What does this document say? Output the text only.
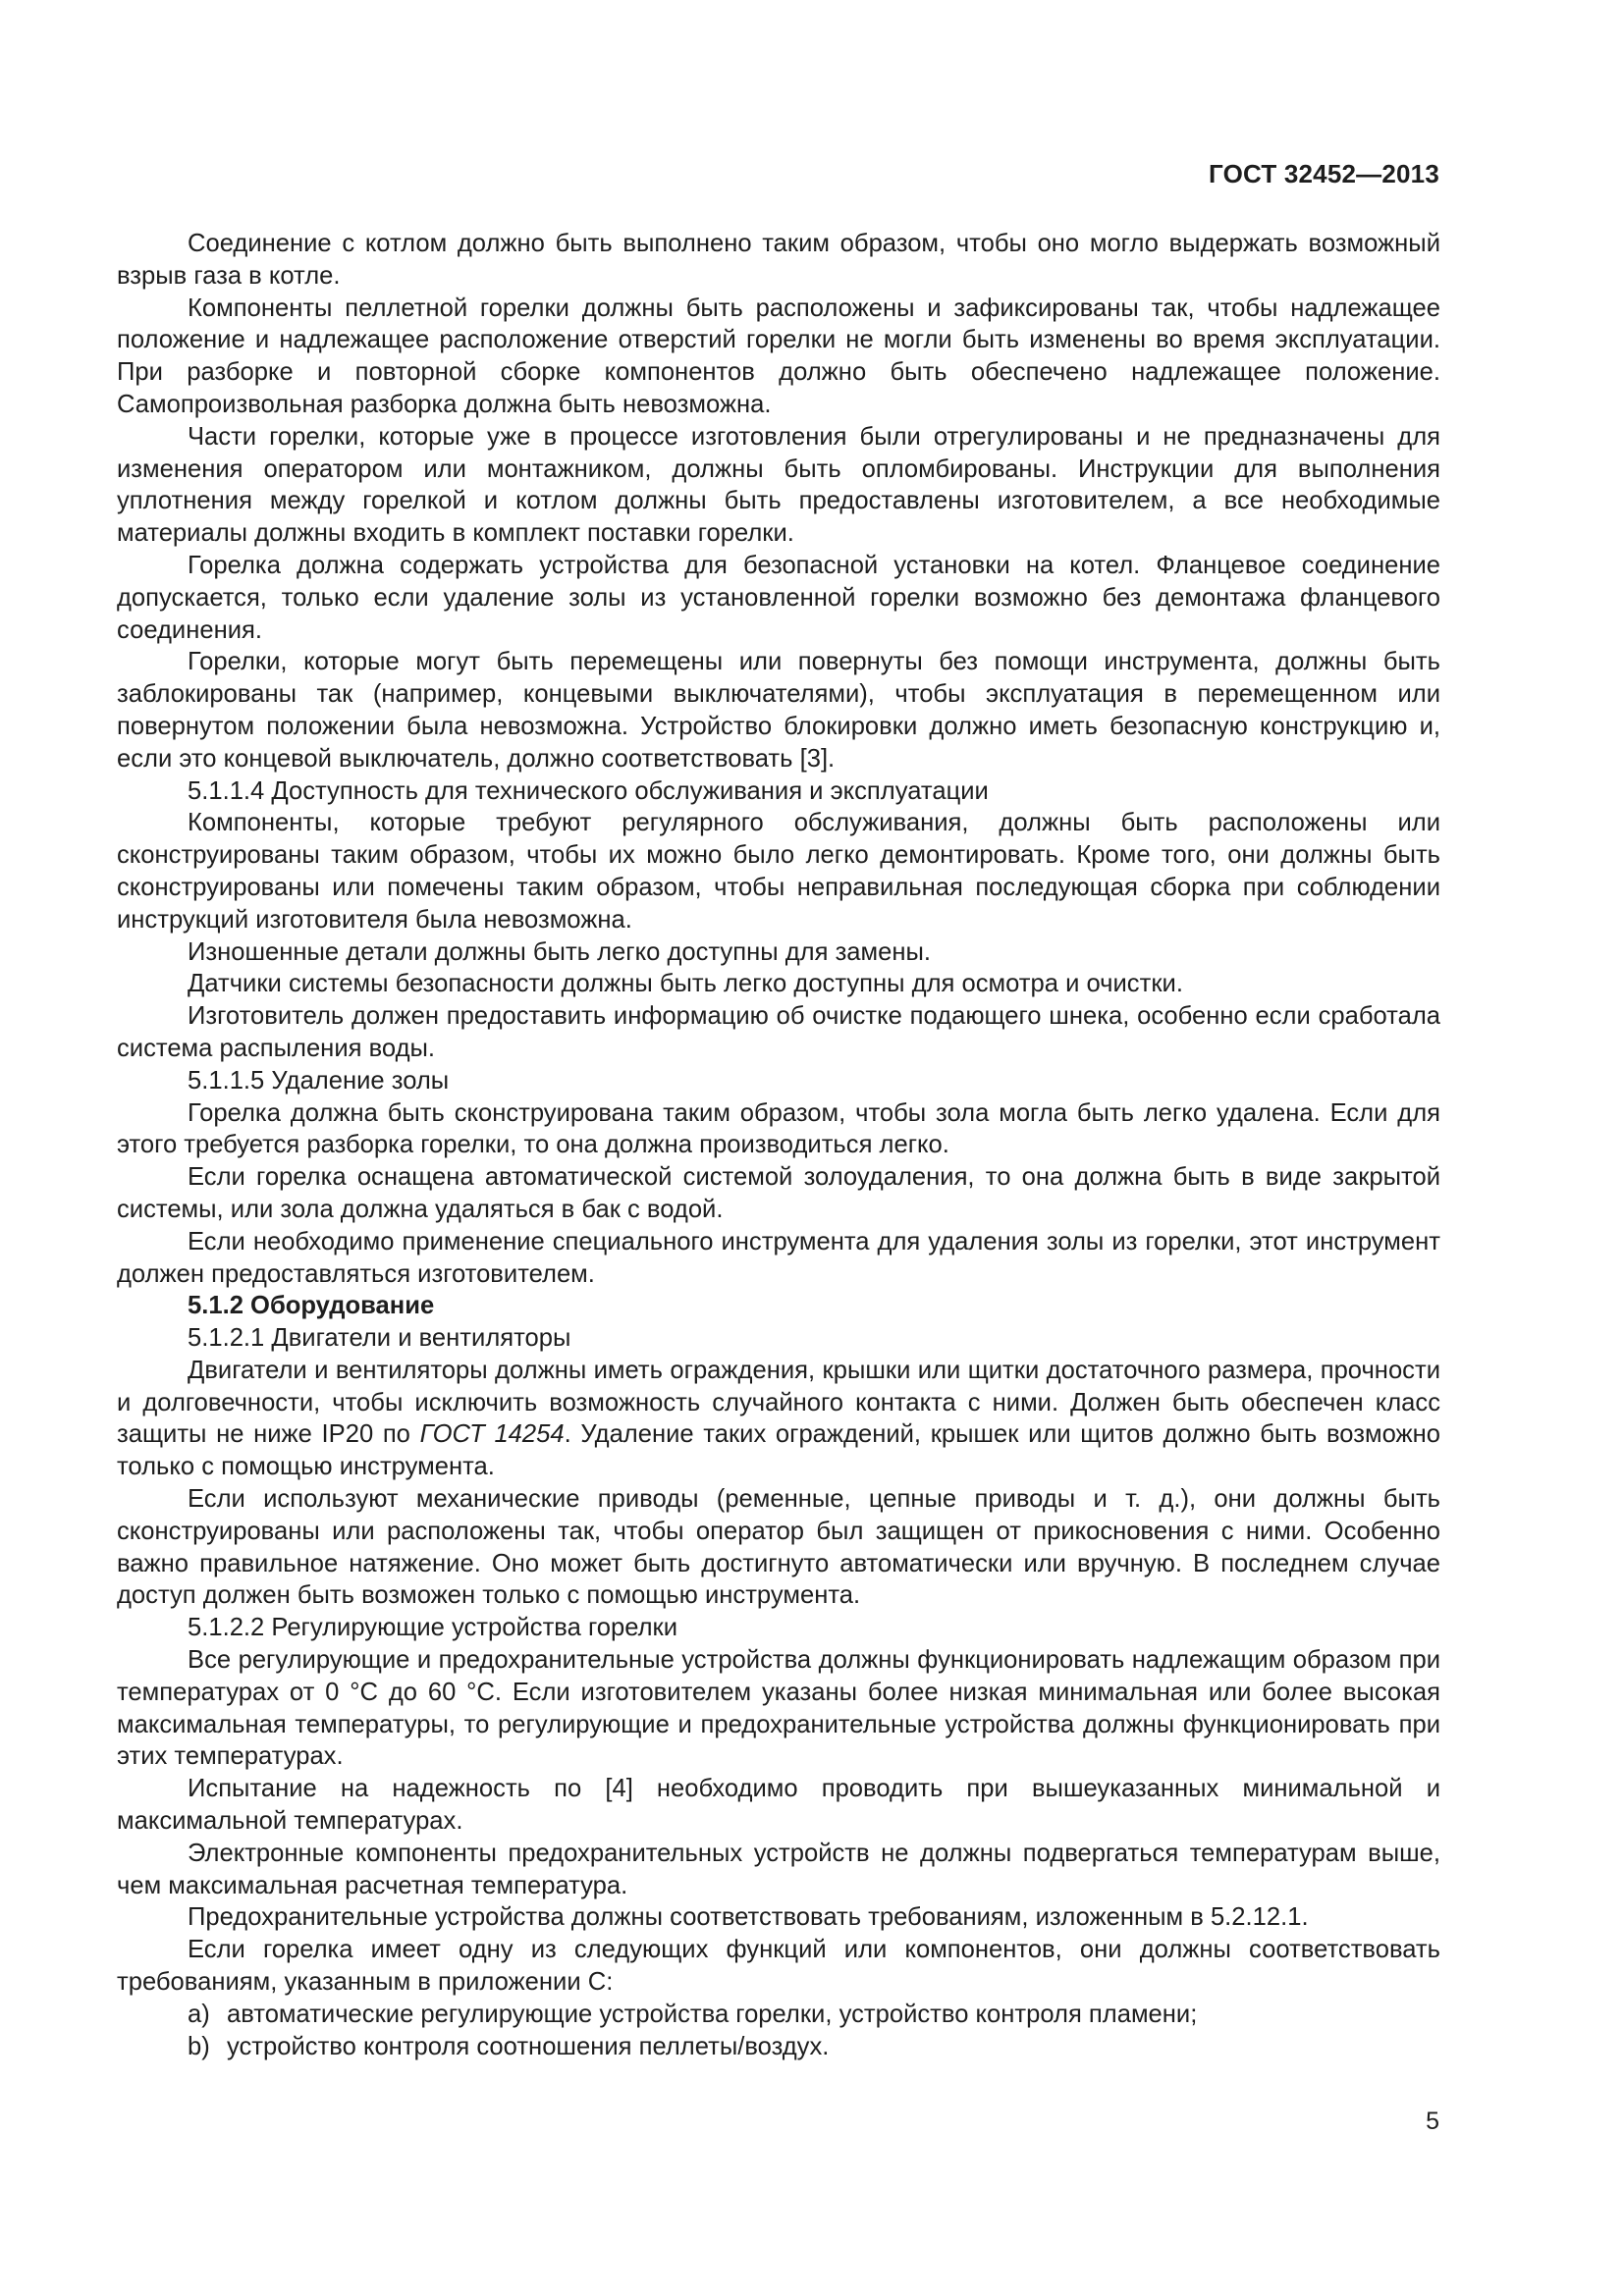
ГОСТ 32452—2013

Соединение с котлом должно быть выполнено таким образом, чтобы оно могло выдержать возможный взрыв газа в котле.

Компоненты пеллетной горелки должны быть расположены и зафиксированы так, чтобы надлежащее положение и надлежащее расположение отверстий горелки не могли быть изменены во время эксплуатации. При разборке и повторной сборке компонентов должно быть обеспечено надлежащее положение. Самопроизвольная разборка должна быть невозможна.

Части горелки, которые уже в процессе изготовления были отрегулированы и не предназначены для изменения оператором или монтажником, должны быть опломбированы. Инструкции для выполнения уплотнения между горелкой и котлом должны быть предоставлены изготовителем, а все необходимые материалы должны входить в комплект поставки горелки.

Горелка должна содержать устройства для безопасной установки на котел. Фланцевое соединение допускается, только если удаление золы из установленной горелки возможно без демонтажа фланцевого соединения.

Горелки, которые могут быть перемещены или повернуты без помощи инструмента, должны быть заблокированы так (например, концевыми выключателями), чтобы эксплуатация в перемещенном или повернутом положении была невозможна. Устройство блокировки должно иметь безопасную конструкцию и, если это концевой выключатель, должно соответствовать [3].

5.1.1.4 Доступность для технического обслуживания и эксплуатации

Компоненты, которые требуют регулярного обслуживания, должны быть расположены или сконструированы таким образом, чтобы их можно было легко демонтировать. Кроме того, они должны быть сконструированы или помечены таким образом, чтобы неправильная последующая сборка при соблюдении инструкций изготовителя была невозможна.

Изношенные детали должны быть легко доступны для замены.

Датчики системы безопасности должны быть легко доступны для осмотра и очистки.

Изготовитель должен предоставить информацию об очистке подающего шнека, особенно если сработала система распыления воды.

5.1.1.5 Удаление золы

Горелка должна быть сконструирована таким образом, чтобы зола могла быть легко удалена. Если для этого требуется разборка горелки, то она должна производиться легко.

Если горелка оснащена автоматической системой золоудаления, то она должна быть в виде закрытой системы, или зола должна удаляться в бак с водой.

Если необходимо применение специального инструмента для удаления золы из горелки, этот инструмент должен предоставляться изготовителем.

5.1.2 Оборудование

5.1.2.1 Двигатели и вентиляторы

Двигатели и вентиляторы должны иметь ограждения, крышки или щитки достаточного размера, прочности и долговечности, чтобы исключить возможность случайного контакта с ними. Должен быть обеспечен класс защиты не ниже IP20 по ГОСТ 14254. Удаление таких ограждений, крышек или щитов должно быть возможно только с помощью инструмента.

Если используют механические приводы (ременные, цепные приводы и т. д.), они должны быть сконструированы или расположены так, чтобы оператор был защищен от прикосновения с ними. Особенно важно правильное натяжение. Оно может быть достигнуто автоматически или вручную. В последнем случае доступ должен быть возможен только с помощью инструмента.

5.1.2.2 Регулирующие устройства горелки

Все регулирующие и предохранительные устройства должны функционировать надлежащим образом при температурах от 0 °С до 60 °С. Если изготовителем указаны более низкая минимальная или более высокая максимальная температуры, то регулирующие и предохранительные устройства должны функционировать при этих температурах.

Испытание на надежность по [4] необходимо проводить при вышеуказанных минимальной и максимальной температурах.

Электронные компоненты предохранительных устройств не должны подвергаться температурам выше, чем максимальная расчетная температура.

Предохранительные устройства должны соответствовать требованиям, изложенным в 5.2.12.1.

Если горелка имеет одну из следующих функций или компонентов, они должны соответствовать требованиям, указанным в приложении С:

a) автоматические регулирующие устройства горелки, устройство контроля пламени;
b) устройство контроля соотношения пеллеты/воздух.
5
